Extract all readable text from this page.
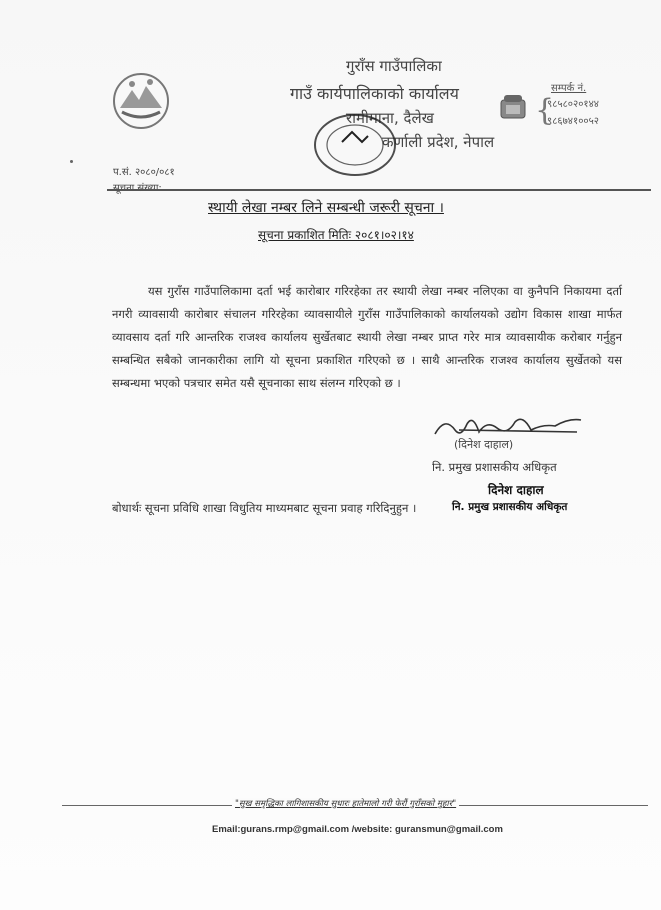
गुराँस गाउँपालिका
गाउँ कार्यपालिकाको कार्यालय
रामीमाना, दैलेख
कर्णाली प्रदेश, नेपाल
सम्पर्क नं.
{
९८५८०२०१४४
९८६७४१००५२
प.सं. २०८०/०८१
स्थायी लेखा नम्बर लिने सम्बन्धी जरूरी सूचना ।
सूचना प्रकाशित मितिः २०८१।०२।१४

यस गुराँस गाउँपालिकामा दर्ता भई कारोबार गरिरहेका तर स्थायी लेखा नम्बर नलिएका वा कुनैपनि निकायमा दर्ता नगरी व्यावसायी कारोबार संचालन गरिरहेका व्यावसायीले गुराँस गाउँपालिकाको कार्यालयको उद्योग विकास शाखा मार्फत व्यावसाय दर्ता गरि आन्तरिक राजश्व कार्यालय सुर्खेतबाट स्थायी लेखा नम्बर प्राप्त गरेर मात्र व्यावसायीक करोबार गर्नुहुन सम्बन्धित सबैको जानकारीका लागि यो सूचना प्रकाशित गरिएको छ । साथै आन्तरिक राजश्व कार्यालय सुर्खेतको यस सम्बन्धमा भएको पत्रचार समेत यसै सूचनाका साथ संलग्न गरिएको छ ।

(दिनेश दाहाल)
नि. प्रमुख प्रशासकीय अधिकृत
दिनेश दाहाल
बोधार्थः सूचना प्रविधि शाखा विधुतिय माध्यमबाट सूचना प्रवाह गरिदिनुहुन ।	नि. प्रमुख प्रशासकीय अधिकृत
"सुख समृद्धिका लागिशासकीय सुधारः हातेमालो गरी फेरौं गुराँसको मुहार"
Email:gurans.rmp@gmail.com /website: guransmun@gmail.com
